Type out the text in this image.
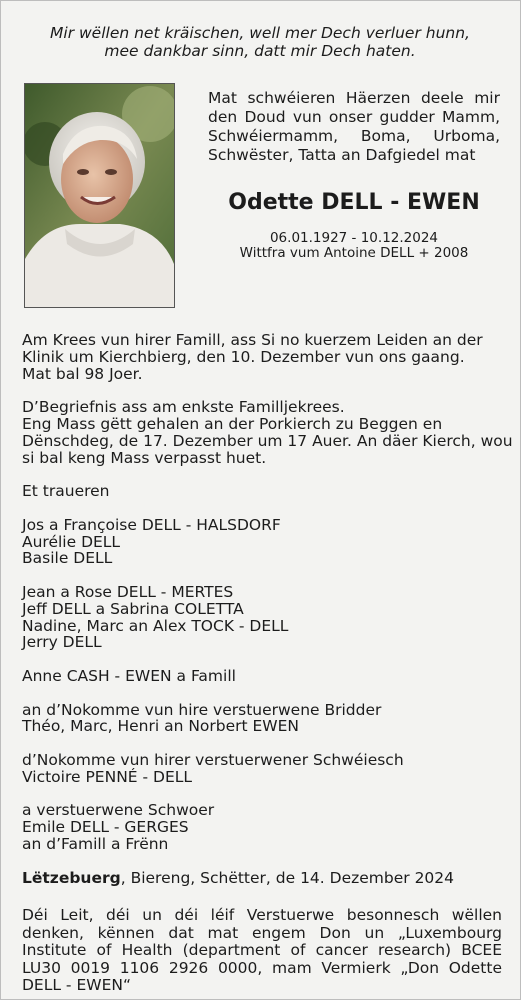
Mir wëllen net kräischen, well mer Dech verluer hunn,
mee dankbar sinn, datt mir Dech haten.
Mat schwéieren Häerzen deele mir den Doud vun onser gudder Mamm, Schwéiermamm, Boma, Urboma, Schwëster, Tatta an Dafgiedel mat
Odette DELL - EWEN
06.01.1927 - 10.12.2024
Wittfra vum Antoine DELL + 2008
Am Krees vun hirer Famill, ass Si no kuerzem Leiden an der
Klinik um Kierchbierg, den 10. Dezember vun ons gaang.
Mat bal 98 Joer.
D’Begriefnis ass am enkste Familljekrees.
Eng Mass gëtt gehalen an der Porkierch zu Beggen en
Dënschdeg, de 17. Dezember um 17 Auer. An däer Kierch, wou
si bal keng Mass verpasst huet.
Et traueren
Jos a Françoise DELL - HALSDORF
Aurélie DELL
Basile DELL
Jean a Rose DELL - MERTES
Jeff DELL a Sabrina COLETTA
Nadine, Marc an Alex TOCK - DELL
Jerry DELL
Anne CASH - EWEN a Famill
an d’Nokomme vun hire verstuerwene Bridder
Théo, Marc, Henri an Norbert EWEN
d’Nokomme vun hirer verstuerwener Schwéiesch
Victoire PENNÉ - DELL
a verstuerwene Schwoer
Emile DELL - GERGES
an d’Famill a Frënn
Lëtzebuerg, Biereng, Schëtter, de 14. Dezember 2024
Déi Leit, déi un déi léif Verstuerwe besonnesch wëllen denken, kënnen dat mat engem Don un „Luxembourg Institute of Health (department of cancer research) BCEE LU30 0019 1106 2926 0000, mam Vermierk „Don Odette DELL - EWEN“
